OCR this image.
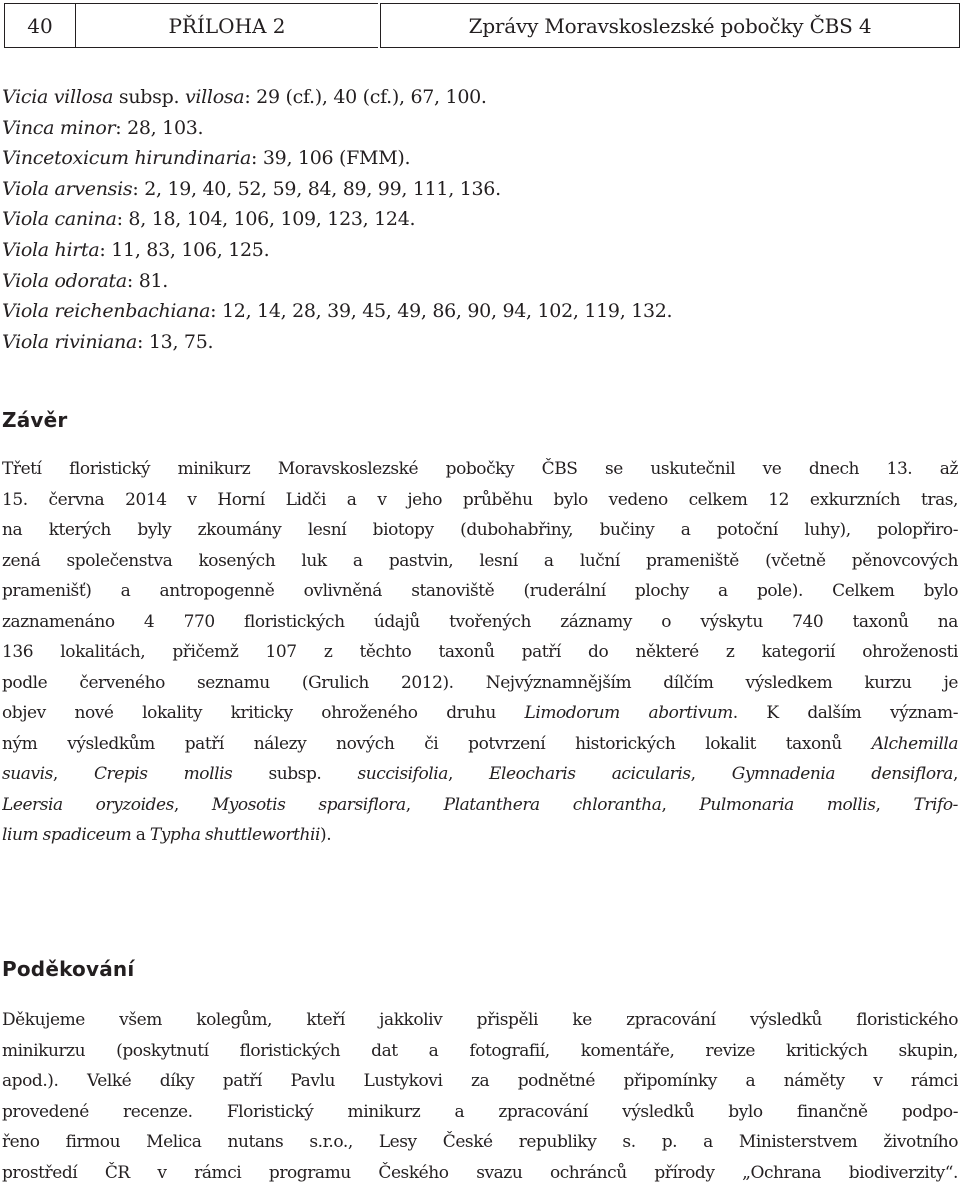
40	PŘÍLOHA 2	Zprávy Moravskoslezské pobočky ČBS 4
Vicia villosa subsp. villosa: 29 (cf.), 40 (cf.), 67, 100.
Vinca minor: 28, 103.
Vincetoxicum hirundinaria: 39, 106 (FMM).
Viola arvensis: 2, 19, 40, 52, 59, 84, 89, 99, 111, 136.
Viola canina: 8, 18, 104, 106, 109, 123, 124.
Viola hirta: 11, 83, 106, 125.
Viola odorata: 81.
Viola reichenbachiana: 12, 14, 28, 39, 45, 49, 86, 90, 94, 102, 119, 132.
Viola riviniana: 13, 75.
Závěr
Třetí floristický minikurz Moravskoslezské pobočky ČBS se uskutečnil ve dnech 13. až
15. června 2014 v Horní Lidči a v jeho průběhu bylo vedeno celkem 12 exkurzních tras,
na kterých byly zkoumány lesní biotopy (dubohabřiny, bučiny a potoční luhy), polopřiro-
zená společenstva kosených luk a pastvin, lesní a luční prameniště (včetně pěnovcových
pramenišť) a antropogenně ovlivněná stanoviště (ruderální plochy a pole). Celkem bylo
zaznamenáno 4 770 floristických údajů tvořených záznamy o výskytu 740 taxonů na
136 lokalitách, přičemž 107 z těchto taxonů patří do některé z kategorií ohroženosti
podle červeného seznamu (Grulich 2012). Nejvýznamnějším dílčím výsledkem kurzu je
objev nové lokality kriticky ohroženého druhu Limodorum abortivum. K dalším význam-
ným výsledkům patří nálezy nových či potvrzení historických lokalit taxonů Alchemilla
suavis, Crepis mollis subsp. succisifolia, Eleocharis acicularis, Gymnadenia densiflora,
Leersia oryzoides, Myosotis sparsiflora, Platanthera chlorantha, Pulmonaria mollis, Trifo-
lium spadiceum a Typha shuttleworthii).
Poděkování
Děkujeme všem kolegům, kteří jakkoliv přispěli ke zpracování výsledků floristického
minikurzu (poskytnutí floristických dat a fotografií, komentáře, revize kritických skupin,
apod.). Velké díky patří Pavlu Lustykovi za podnětné připomínky a náměty v rámci
provedené recenze. Floristický minikurz a zpracování výsledků bylo finančně podpo-
řeno firmou Melica nutans s.r.o., Lesy České republiky s. p. a Ministerstvem životního
prostředí ČR v rámci programu Českého svazu ochránců přírody „Ochrana biodiverzity“.
